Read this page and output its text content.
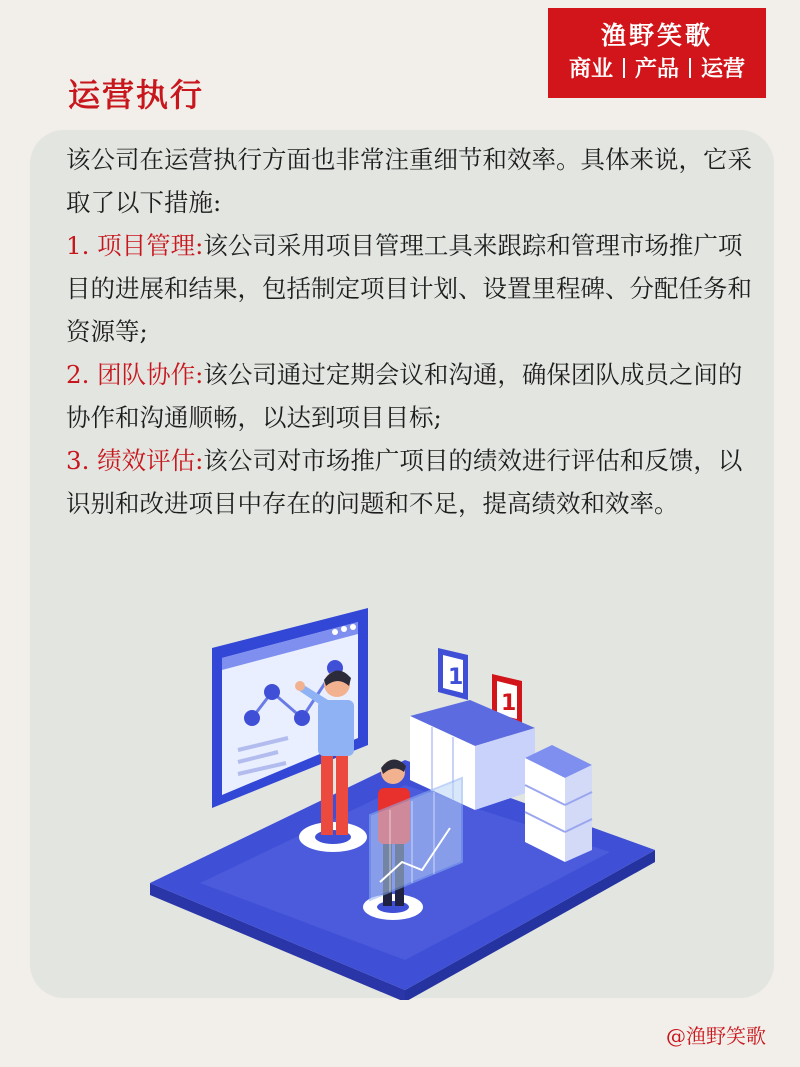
渔野笑歌
商业 产品 运营
运营执行

该公司在运营执行方面也非常注重细节和效率。具体来说，它采取了以下措施:

1. 项目管理:该公司采用项目管理工具来跟踪和管理市场推广项目的进展和结果，包括制定项目计划、设置里程碑、分配任务和资源等;

2. 团队协作:该公司通过定期会议和沟通，确保团队成员之间的协作和沟通顺畅，以达到项目目标;

3. 绩效评估:该公司对市场推广项目的绩效进行评估和反馈，以识别和改进项目中存在的问题和不足，提高绩效和效率。

1
1
@渔野笑歌
